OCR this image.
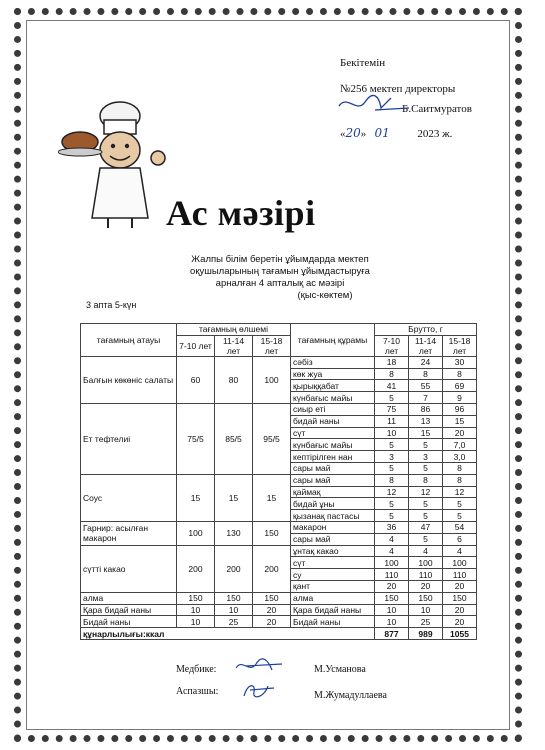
Бекітемін
№256 мектеп директоры
Б.Саитмуратов
«20» 01	2023 ж.
Ас мәзірі
Жалпы білім беретін ұйымдарда мектеп
оқушыларының тағамын ұйымдастыруға
арналған 4 апталық ас мәзірі
(қыс-көктем)
3 апта 5-күн
тағамның атауы	тағамның өлшемі			тағамның құрамы	Брутто, г		
	7-10 лет	11-14 лет	15-18 лет		7-10 лет	11-14 лет	15-18 лет
Балғын көкөніс салаты	60	80	100	сәбіз	18	24	30
				көк жуа	8	8	8
				қырыққабат	41	55	69
				күнбағыс майы	5	7	9
Ет тефтелиі	75/5	85/5	95/5	сиыр еті	75	86	96
				бидай наны	11	13	15
				сүт	10	15	20
				күнбағыс майы	5	5	7,0
				кептірілген нан	3	3	3,0
				сары май	5	5	8
Соус	15	15	15	сары май	8	8	8
				қаймақ	12	12	12
				бидай ұны	5	5	5
				қызанақ пастасы	5	5	5
Гарнир: асылған макарон	100	130	150	макарон	36	47	54
				сары май	4	5	6
сүтті какао	200	200	200	ұнтақ какао	4	4	4
				сүт	100	100	100
				су	110	110	110
				қант	20	20	20
алма	150	150	150	алма	150	150	150
Қара бидай наны	10	10	20	Қара бидай наны	10	10	20
Бидай наны	10	25	20	Бидай наны	10	25	20
құнарлылығы:ккал					877	989	1055
Медбике:	М.Усманова
Аспазшы:	М.Жумадуллаева
